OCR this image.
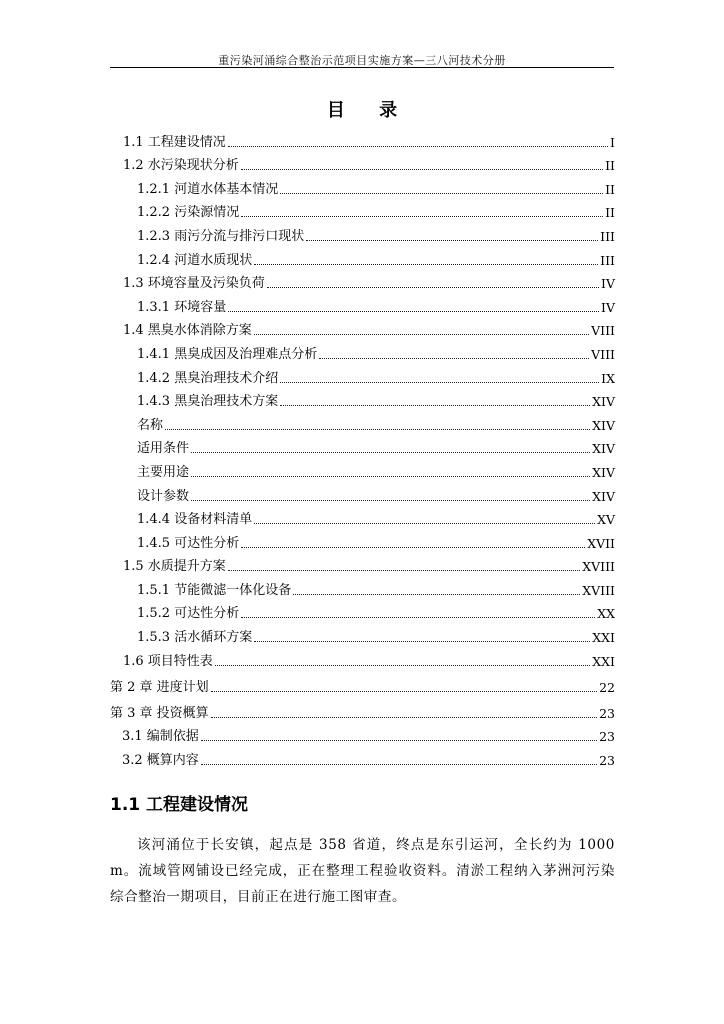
重污染河涌综合整治示范项目实施方案—三八河技术分册
目 录
1.1 工程建设情况	I
1.2 水污染现状分析	II
1.2.1 河道水体基本情况	II
1.2.2 污染源情况	II
1.2.3 雨污分流与排污口现状	III
1.2.4 河道水质现状	III
1.3 环境容量及污染负荷	IV
1.3.1 环境容量	IV
1.4 黑臭水体消除方案	VIII
1.4.1 黑臭成因及治理难点分析	VIII
1.4.2 黑臭治理技术介绍	IX
1.4.3 黑臭治理技术方案	XIV
名称	XIV
适用条件	XIV
主要用途	XIV
设计参数	XIV
1.4.4 设备材料清单	XV
1.4.5 可达性分析	XVII
1.5 水质提升方案	XVIII
1.5.1 节能微滤一体化设备	XVIII
1.5.2 可达性分析	XX
1.5.3 活水循环方案	XXI
1.6 项目特性表	XXI
第 2 章 进度计划	22
第 3 章 投资概算	23
3.1 编制依据	23
3.2 概算内容	23
1.1 工程建设情况

该河涌位于长安镇，起点是 358 省道，终点是东引运河，全长约为 1000 m。流域管网铺设已经完成，正在整理工程验收资料。清淤工程纳入茅洲河污染综合整治一期项目，目前正在进行施工图审查。
